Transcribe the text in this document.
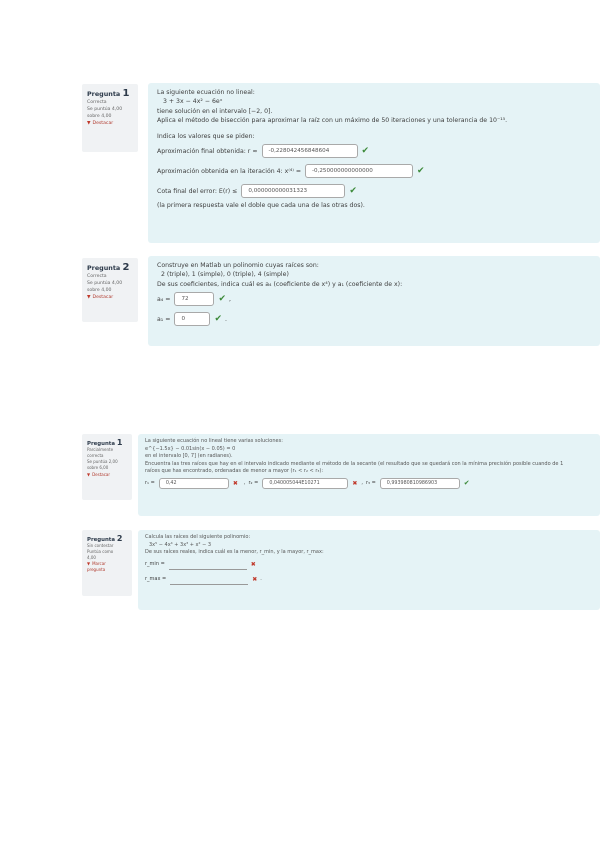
Pregunta 1
Correcta
Se puntúa 4,00
sobre 4,00
▼ Destacar
La siguiente ecuación no lineal:
3 + 3x − 4x² − 6eˣ
tiene solución en el intervalo [−2, 0].
Aplica el método de bisección para aproximar la raíz con un máximo de 50 iteraciones y una tolerancia de 10⁻¹⁵.
Indica los valores que se piden:
Aproximación final obtenida: r ≈	-0,228042456848604	✔
Aproximación obtenida en la iteración 4: x⁽⁴⁾ =	-0,250000000000000	✔
Cota final del error: E(r) ≤	0,000000000031323	✔
(la primera respuesta vale el doble que cada una de las otras dos).
Pregunta 2
Correcta
Se puntúa 4,00
sobre 4,00
▼ Destacar
Construye en Matlab un polinomio cuyas raíces son:
2 (triple), 1 (simple), 0 (triple), 4 (simple)
De sus coeficientes, indica cuál es a₄ (coeficiente de x⁴) y a₁ (coeficiente de x):
a₄ =	72	✔ ,
a₁ =	0	✔ .
Pregunta 1
Parcialmente
correcta
Se puntúa 2,00
sobre 6,00
▼ Destacar
La siguiente ecuación no lineal tiene varias soluciones:
e^{−1.5x} − 0.01sin(x − 0.05) = 0
en el intervalo [0, 7] (en radianes).
Encuentra las tres raíces que hay en el intervalo indicado mediante el método de la secante (el resultado que se quedará con la mínima precisión posible cuando de 1
raíces que has encontrado, ordenadas de menor a mayor (r₁ < r₂ < r₃):
r₁ =	0,42	✖ , r₂ =	0,040005044E10271	✖ , r₃ =	0,993980810986903	✔
Pregunta 2
Sin contestar
Puntúa como
4,00
▼ Marcar
pregunta
Calcula las raíces del siguiente polinomio:
3x⁵ − 4x⁴ + 3x³ + x² − 3
De sus raíces reales, indica cuál es la menor, r_min, y la mayor, r_max:
r_min =	✖
r_max =	✖ .
